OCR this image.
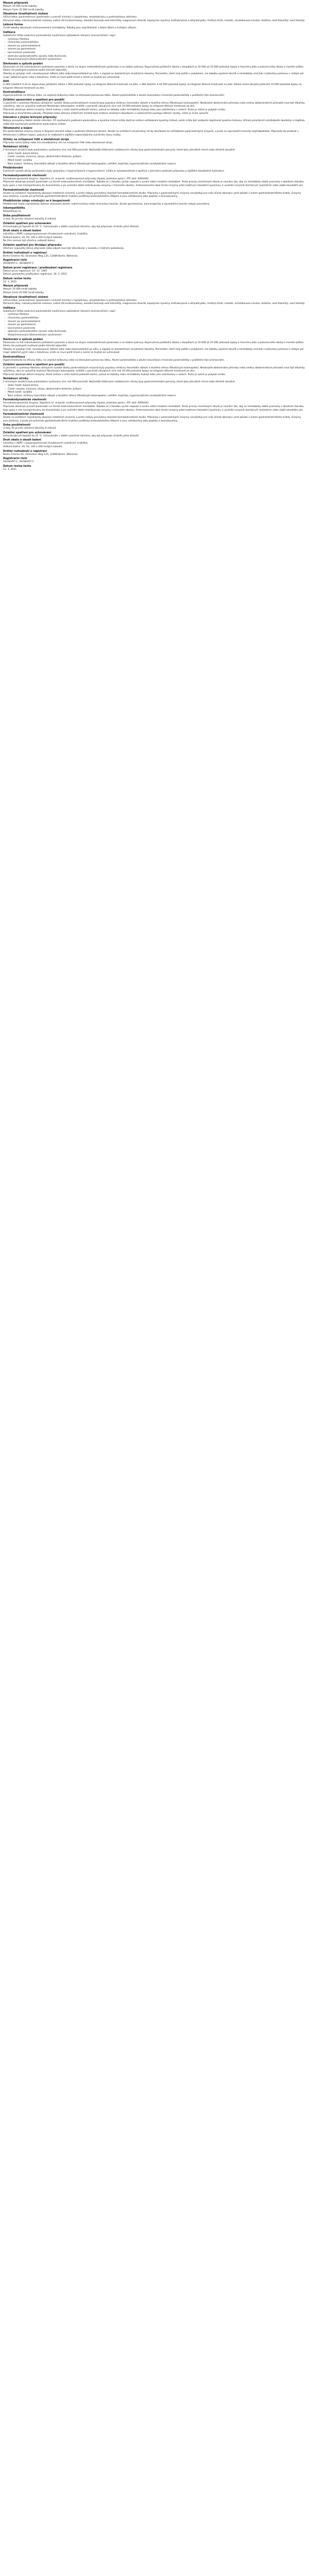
Mezym přípravek

Mezym 10 000 tvrdé tobolky

Mezym Forte 25 000 tvrdé tobolky

Obsahové (kvalitativní) složení

Léčivá látka: pankreatinum (pankreatin z prasečí slinivky) s lipolytickou, amylolytickou a proteolytickou aktivitou.

Pomocné látky: mikrokrystalická celulosa, sodná sůl kroskarmelosy, koloidní bezvodý oxid křemičitý, magnesium-stearát, kopolymer kyseliny methakrylové a ethylakrylátu, triethyl-citrát, mastek, simetikonová emulze, želatina, oxid titaničitý, oxid železitý.

Léková forma

Tvrdé tobolky obsahující enterosolventní minitablety. Tobolky jsou neprůhledné, s bílým tělem a hnědým víčkem.

Indikace

Substituční léčba exokrinní pankreatické insuficience způsobené různými onemocněními, např.:

- cystickou fibrózou
- chronickou pankreatitidou
- stavem po pankreatektomii
- stavem po gastrektomii
- karcinomem pankreatu
- obstrukcí pankreatického vývodu nebo žlučovodu
- Shwachmanovým-Diamondovým syndromem
Dávkování a způsob podání

Dávkování se řídí individuálními potřebami pacienta a závisí na stupni nedostatečnosti pankreatu a na složení potravy. Doporučená počáteční dávka u dospělých je 10 000 až 25 000 jednotek lipázy k hlavnímu jídlu a polovina této dávky k menším jídlům. Dávku lze postupně zvyšovat podle klinické odpovědi.

Tobolky se polykají celé, nerozkousané, během jídla nebo bezprostředně po něm, a zapíjejí se dostatečným množstvím tekutiny. Pacientům, kteří mají potíže s polykáním, lze tobolku opatrně otevřít a minitablety smíchat s kašovitou potravou s nízkým pH (např. jablečné pyré) nebo s tekutinou; směs se musí požít ihned a nesmí se žvýkat ani uchovávat.

Děti

U dětí mladších 4 let se doporučuje počáteční dávka 1 000 jednotek lipázy na kilogram tělesné hmotnosti na jídlo, u dětí starších 4 let 500 jednotek lipázy na kilogram tělesné hmotnosti na jídlo. Dávka nemá obvykle překročit 10 000 jednotek lipázy na kilogram tělesné hmotnosti za den.

Kontraindikace

Hypersenzitivita na léčivou látku, na vepřové bílkoviny nebo na kteroukoli pomocnou látku. Akutní pankreatitida a akutní exacerbace chronické pankreatitidy v počáteční fázi onemocnění.

Zvláštní upozornění a opatření pro použití

U pacientů s cystickou fibrózou užívajících vysoké dávky pankreatických enzymů byly popsány striktury ileocekální oblasti a tlustého střeva (fibrotizující kolonopatie). Neobvyklé abdominální příznaky nebo změny abdominálních příznaků musí být lékařsky vyšetřeny, aby se vyloučila možnost fibrotizující kolonopatie, zvláště u pacientů užívajících více než 10 000 jednotek lipázy na kilogram tělesné hmotnosti za den.

Přípravek obsahuje aktivní enzymy, které mohou v ústní dutině poškodit sliznici, pokud se tobolky nebo minitablety žvýkají nebo jsou zadržovány v ústech. Proto je nutné je polykat vcelku.

Přípravek je živočišného původu. Přestože riziko přenosu infekčních činitelů bylo sníženo vhodnými zkouškami a inaktivačními postupy během výroby, nelze je zcela vyloučit.

Interakce s jinými léčivými přípravky

Nebyly provedeny žádné studie interakcí. Při současném podávání pankreatinu a kyseliny listové může dojít ke snížení vstřebávání kyseliny listové, proto může být nezbytné doplňovat kyselinu listovou. Účinek perorálních antidiabetik akarbózy a miglitolu může být současným podáváním pankreatinu snížen.

Těhotenství a kojení

Pro pankreatické enzymy nejsou k dispozici klinické údaje o podávání těhotným ženám. Studie na zvířatech nenaznačují, že by docházelo ke vstřebávání pankreatických enzymů, a proto se reprodukční toxicita nepředpokládá. Přípravek lze podávat v těhotenství a během kojení, pokud je to nezbytné k zajištění odpovídajícího nutričního stavu matky.

Účinky na schopnost řídit a obsluhovat stroje

Přípravek nemá žádný nebo má zanedbatelný vliv na schopnost řídit nebo obsluhovat stroje.

Nežádoucí účinky

V klinických studiích bylo pankreatinu vystaveno více než 900 pacientů. Nejčastěji hlášenými nežádoucími účinky byly gastrointestinální poruchy, které byly převážně mírné nebo středně závažné.

- Velmi časté: bolest břicha
- Časté: nauzea, zvracení, zácpa, abdominální distenze, průjem
- Méně časté: vyrážka
- Není známo: striktury ileocekální oblasti a tlustého střeva (fibrotizující kolonopatie), svědění, kopřivka, hypersenzitivita (anafylaktické reakce)
Předávkování

Extrémně vysoké dávky pankreatinu byly spojovány s hyperurikosurií a hyperurikemií. Léčba je symptomatická a spočívá v přerušení podávání přípravku a zajištění dostatečné hydratace.

Farmakodynamické vlastnosti

Farmakoterapeutická skupina: digestiva vč. enzymů, multienzymové přípravky (lipáza, proteáza apod.). ATC kód: A09AA02.

Přípravek obsahuje prasečí pankreatin ve formě enterosolventních minitablet. Tobolka se v žaludku rychle rozpustí a uvolní velké množství minitablet. Tento princip vícečetných dávek je navržen tak, aby se minitablety dobře promísily s obsahem žaludku, byly spolu s ním transportovány do dvanáctníku a po uvolnění dobře distribuovaly enzymy v tráveném obsahu. Enterosolventní obal chrání enzymy před inaktivací žaludeční kyselinou; k uvolnění enzymů dochází při neutrálním nebo slabě zásaditém pH.

Farmakokinetické vlastnosti

Studie na zvířatech neprokázaly absorpci intaktních enzymů, a proto nebyly provedeny klasické farmakokinetické studie. Přípravky s pankreatickými enzymy nevyžadují pro svůj účinek absorpci; plně působí v lumen gastrointestinálního traktu. Enzymy jsou proteiny, a proto při průchodu gastrointestinálním traktem podléhají proteolytickému štěpení a jsou vstřebávány jako peptidy a aminokyseliny.

Předklinické údaje vztahující se k bezpečnosti

Předklinické údaje neprokázaly žádnou relevantní akutní, subchronickou nebo chronickou toxicitu. Studie genotoxicity, kancerogenity a reprodukční toxicity nebyly provedeny.

Inkompatibility

Neuplatňuje se.

Doba použitelnosti

3 roky. Po prvním otevření lahvičky 6 měsíců.

Zvláštní opatření pro uchovávání

Uchovávejte při teplotě do 25 °C. Uchovávejte v dobře uzavřené lahvičce, aby byl přípravek chráněn před vlhkostí.

Druh obalu a obsah balení

Lahvička z HDPE s polypropylenovým šroubovacím uzávěrem, krabička.

Velikost balení: 20, 50, 100 a 200 tvrdých tobolek.

Na trhu nemusí být všechny velikosti balení.

Zvláštní opatření pro likvidaci přípravku

Všechen nepoužitý léčivý přípravek nebo odpad musí být zlikvidován v souladu s místními požadavky.

Držitel rozhodnutí o registraci

Berlin-Chemie AG, Glienicker Weg 125, 12489 Berlín, Německo

Registrační číslo

49/383/97-C, 49/384/97-C

Datum první registrace / prodloužení registrace

Datum první registrace: 10. 12. 1997

Datum posledního prodloužení registrace: 16. 3. 2011

Datum revize textu

12. 3. 2021

Mezym přípravek

Mezym 10 000 tvrdé tobolky

Mezym Forte 25 000 tvrdé tobolky

Obsahové (kvalitativní) složení

Léčivá látka: pankreatinum (pankreatin z prasečí slinivky) s lipolytickou, amylolytickou a proteolytickou aktivitou.

Pomocné látky: mikrokrystalická celulosa, sodná sůl kroskarmelosy, koloidní bezvodý oxid křemičitý, magnesium-stearát, kopolymer kyseliny methakrylové a ethylakrylátu, triethyl-citrát, mastek, simetikonová emulze, želatina, oxid titaničitý, oxid železitý.

Indikace

Substituční léčba exokrinní pankreatické insuficience způsobené různými onemocněními, např.:

- cystickou fibrózou
- chronickou pankreatitidou
- stavem po pankreatektomii
- stavem po gastrektomii
- karcinomem pankreatu
- obstrukcí pankreatického vývodu nebo žlučovodu
- Shwachmanovým-Diamondovým syndromem
Dávkování a způsob podání

Dávkování se řídí individuálními potřebami pacienta a závisí na stupni nedostatečnosti pankreatu a na složení potravy. Doporučená počáteční dávka u dospělých je 10 000 až 25 000 jednotek lipázy k hlavnímu jídlu a polovina této dávky k menším jídlům. Dávku lze postupně zvyšovat podle klinické odpovědi.

Tobolky se polykají celé, nerozkousané, během jídla nebo bezprostředně po něm, a zapíjejí se dostatečným množstvím tekutiny. Pacientům, kteří mají potíže s polykáním, lze tobolku opatrně otevřít a minitablety smíchat s kašovitou potravou s nízkým pH (např. jablečné pyré) nebo s tekutinou; směs se musí požít ihned a nesmí se žvýkat ani uchovávat.

Kontraindikace

Hypersenzitivita na léčivou látku, na vepřové bílkoviny nebo na kteroukoli pomocnou látku. Akutní pankreatitida a akutní exacerbace chronické pankreatitidy v počáteční fázi onemocnění.

Zvláštní upozornění a opatření pro použití

U pacientů s cystickou fibrózou užívajících vysoké dávky pankreatických enzymů byly popsány striktury ileocekální oblasti a tlustého střeva (fibrotizující kolonopatie). Neobvyklé abdominální příznaky nebo změny abdominálních příznaků musí být lékařsky vyšetřeny, aby se vyloučila možnost fibrotizující kolonopatie, zvláště u pacientů užívajících více než 10 000 jednotek lipázy na kilogram tělesné hmotnosti za den.

Přípravek obsahuje aktivní enzymy, které mohou v ústní dutině poškodit sliznici, pokud se tobolky nebo minitablety žvýkají nebo jsou zadržovány v ústech. Proto je nutné je polykat vcelku.

Nežádoucí účinky

V klinických studiích bylo pankreatinu vystaveno více než 900 pacientů. Nejčastěji hlášenými nežádoucími účinky byly gastrointestinální poruchy, které byly převážně mírné nebo středně závažné.

- Velmi časté: bolest břicha
- Časté: nauzea, zvracení, zácpa, abdominální distenze, průjem
- Méně časté: vyrážka
- Není známo: striktury ileocekální oblasti a tlustého střeva (fibrotizující kolonopatie), svědění, kopřivka, hypersenzitivita (anafylaktické reakce)
Farmakodynamické vlastnosti

Farmakoterapeutická skupina: digestiva vč. enzymů, multienzymové přípravky (lipáza, proteáza apod.). ATC kód: A09AA02.

Přípravek obsahuje prasečí pankreatin ve formě enterosolventních minitablet. Tobolka se v žaludku rychle rozpustí a uvolní velké množství minitablet. Tento princip vícečetných dávek je navržen tak, aby se minitablety dobře promísily s obsahem žaludku, byly spolu s ním transportovány do dvanáctníku a po uvolnění dobře distribuovaly enzymy v tráveném obsahu. Enterosolventní obal chrání enzymy před inaktivací žaludeční kyselinou; k uvolnění enzymů dochází při neutrálním nebo slabě zásaditém pH.

Farmakokinetické vlastnosti

Studie na zvířatech neprokázaly absorpci intaktních enzymů, a proto nebyly provedeny klasické farmakokinetické studie. Přípravky s pankreatickými enzymy nevyžadují pro svůj účinek absorpci; plně působí v lumen gastrointestinálního traktu. Enzymy jsou proteiny, a proto při průchodu gastrointestinálním traktem podléhají proteolytickému štěpení a jsou vstřebávány jako peptidy a aminokyseliny.

Doba použitelnosti

3 roky. Po prvním otevření lahvičky 6 měsíců.

Zvláštní opatření pro uchovávání

Uchovávejte při teplotě do 25 °C. Uchovávejte v dobře uzavřené lahvičce, aby byl přípravek chráněn před vlhkostí.

Druh obalu a obsah balení

Lahvička z HDPE s polypropylenovým šroubovacím uzávěrem, krabička.

Velikost balení: 20, 50, 100 a 200 tvrdých tobolek.

Držitel rozhodnutí o registraci

Berlin-Chemie AG, Glienicker Weg 125, 12489 Berlín, Německo

Registrační číslo

49/383/97-C, 49/384/97-C

Datum revize textu

12. 3. 2021
